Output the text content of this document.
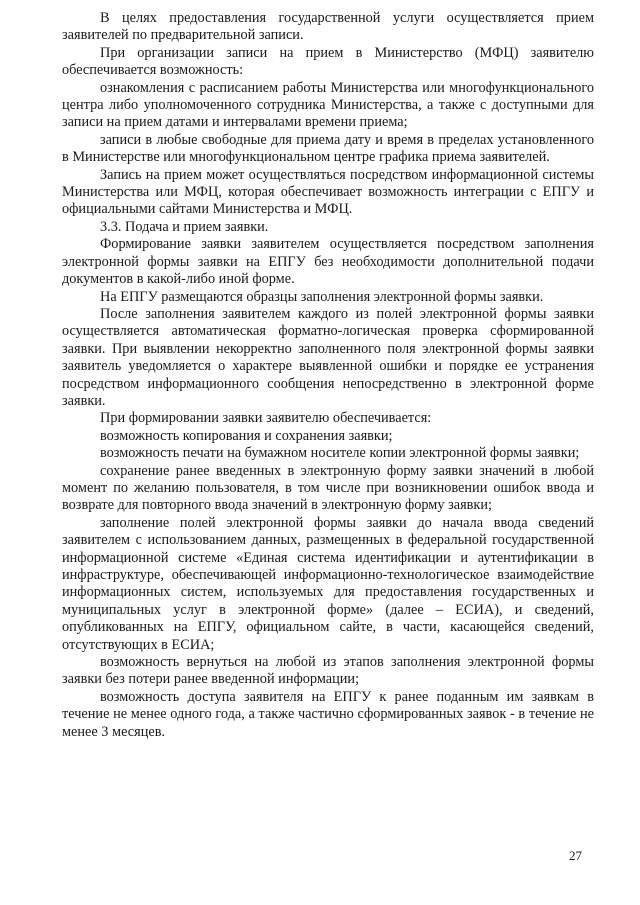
В целях предоставления государственной услуги осуществляется прием заявителей по предварительной записи.

При организации записи на прием в Министерство (МФЦ) заявителю обеспечивается возможность:

ознакомления с расписанием работы Министерства или многофункционального центра либо уполномоченного сотрудника Министерства, а также с доступными для записи на прием датами и интервалами времени приема;

записи в любые свободные для приема дату и время в пределах установленного в Министерстве или многофункциональном центре графика приема заявителей.

Запись на прием может осуществляться посредством информационной системы Министерства или МФЦ, которая обеспечивает возможность интеграции с ЕПГУ и официальными сайтами Министерства и МФЦ.

3.3. Подача и прием заявки.

Формирование заявки заявителем осуществляется посредством заполнения электронной формы заявки на ЕПГУ без необходимости дополнительной подачи документов в какой-либо иной форме.

На ЕПГУ размещаются образцы заполнения электронной формы заявки.

После заполнения заявителем каждого из полей электронной формы заявки осуществляется автоматическая форматно-логическая проверка сформированной заявки. При выявлении некорректно заполненного поля электронной формы заявки заявитель уведомляется о характере выявленной ошибки и порядке ее устранения посредством информационного сообщения непосредственно в электронной форме заявки.

При формировании заявки заявителю обеспечивается:

возможность копирования и сохранения заявки;

возможность печати на бумажном носителе копии электронной формы заявки;

сохранение ранее введенных в электронную форму заявки значений в любой момент по желанию пользователя, в том числе при возникновении ошибок ввода и возврате для повторного ввода значений в электронную форму заявки;

заполнение полей электронной формы заявки до начала ввода сведений заявителем с использованием данных, размещенных в федеральной государственной информационной системе «Единая система идентификации и аутентификации в инфраструктуре, обеспечивающей информационно-технологическое взаимодействие информационных систем, используемых для предоставления государственных и муниципальных услуг в электронной форме» (далее – ЕСИА), и сведений, опубликованных на ЕПГУ, официальном сайте, в части, касающейся сведений, отсутствующих в ЕСИА;

возможность вернуться на любой из этапов заполнения электронной формы заявки без потери ранее введенной информации;

возможность доступа заявителя на ЕПГУ к ранее поданным им заявкам в течение не менее одного года, а также частично сформированных заявок - в течение не менее 3 месяцев.

27
